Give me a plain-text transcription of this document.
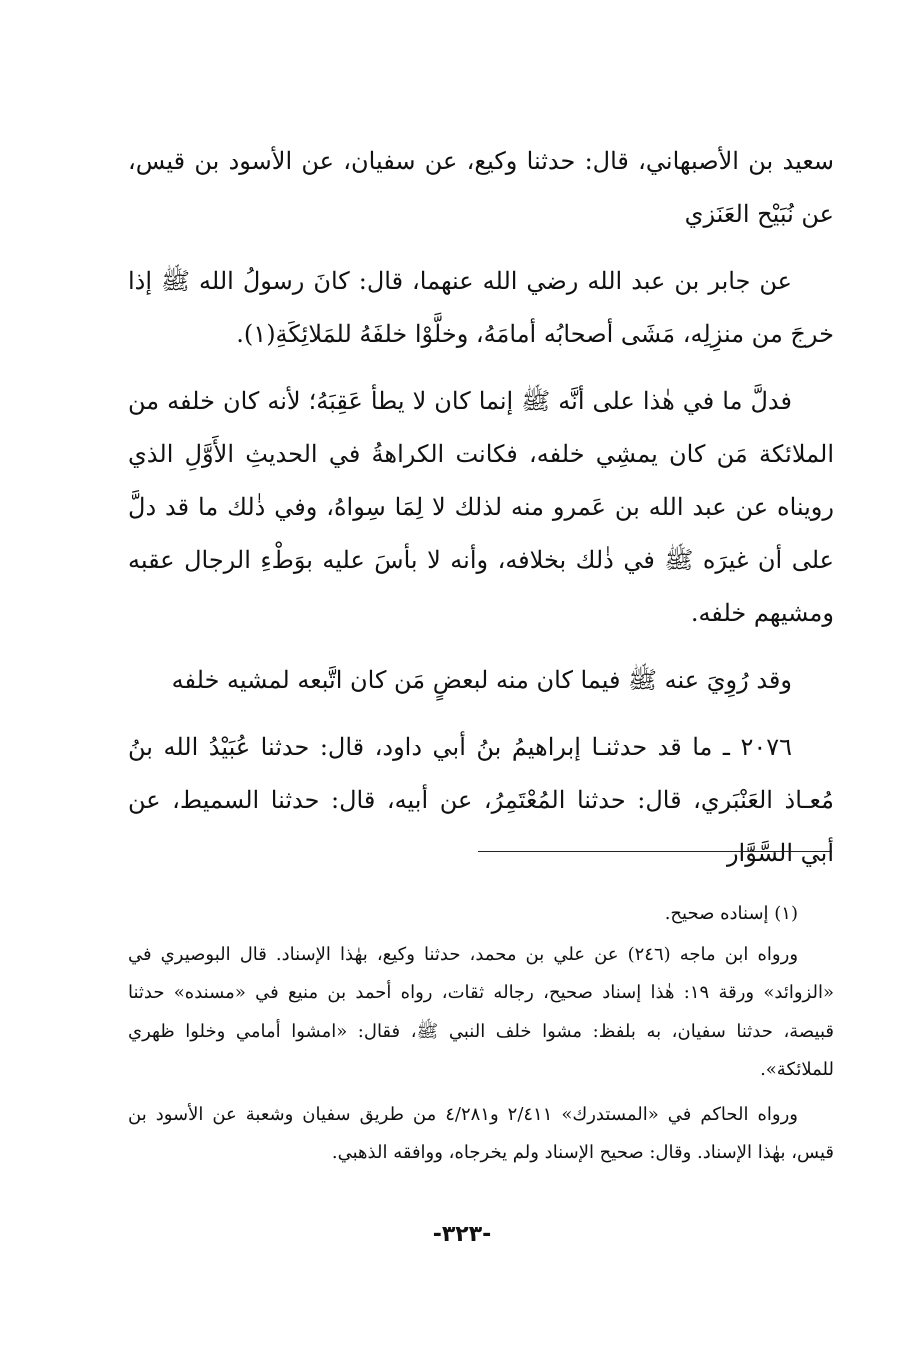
سعيد بن الأصبهاني، قال: حدثنا وكيع، عن سفيان، عن الأسود بن قيس، عن نُبَيْح العَنَزي

عن جابر بن عبد الله رضي الله عنهما، قال: كانَ رسولُ الله ﷺ إذا خرجَ من منزِلِه، مَشَى أصحابُه أمامَهُ، وخلَّوْا خلفَهُ للمَلائِكَةِ(١).

فدلَّ ما في هٰذا على أنَّه ﷺ إنما كان لا يطأ عَقِبَهُ؛ لأنه كان خلفه من الملائكة مَن كان يمشِي خلفه، فكانت الكراهةُ في الحديثِ الأَوَّلِ الذي رويناه عن عبد الله بن عَمرو منه لذلك لا لِمَا سِواهُ، وفي ذٰلك ما قد دلَّ على أن غيرَه ﷺ في ذٰلك بخلافه، وأنه لا بأسَ عليه بوَطْءِ الرجال عقبه ومشيهم خلفه.

وقد رُوِيَ عنه ﷺ فيما كان منه لبعضٍ مَن كان اتَّبعه لمشيه خلفه

٢٠٧٦ ـ ما قد حدثنـا إبراهيمُ بنُ أبي داود، قال: حدثنا عُبَيْدُ الله بنُ مُعـاذ العَنْبَري، قال: حدثنا المُعْتَمِرُ، عن أبيه، قال: حدثنا السميط، عن أبي السَّوَّار

(١) إسناده صحيح.

ورواه ابن ماجه (٢٤٦) عن علي بن محمد، حدثنا وكيع، بهٰذا الإسناد. قال البوصيري في «الزوائد» ورقة ١٩: هٰذا إسناد صحيح، رجاله ثقات، رواه أحمد بن منيع في «مسنده» حدثنا قبيصة، حدثنا سفيان، به بلفظ: مشوا خلف النبي ﷺ، فقال: «امشوا أمامي وخلوا ظهري للملائكة».

ورواه الحاكم في «المستدرك» ٢/٤١١ و٤/٢٨١ من طريق سفيان وشعبة عن الأسود بن قيس، بهٰذا الإسناد. وقال: صحيح الإسناد ولم يخرجاه، ووافقه الذهبي.

-٣٢٣-
